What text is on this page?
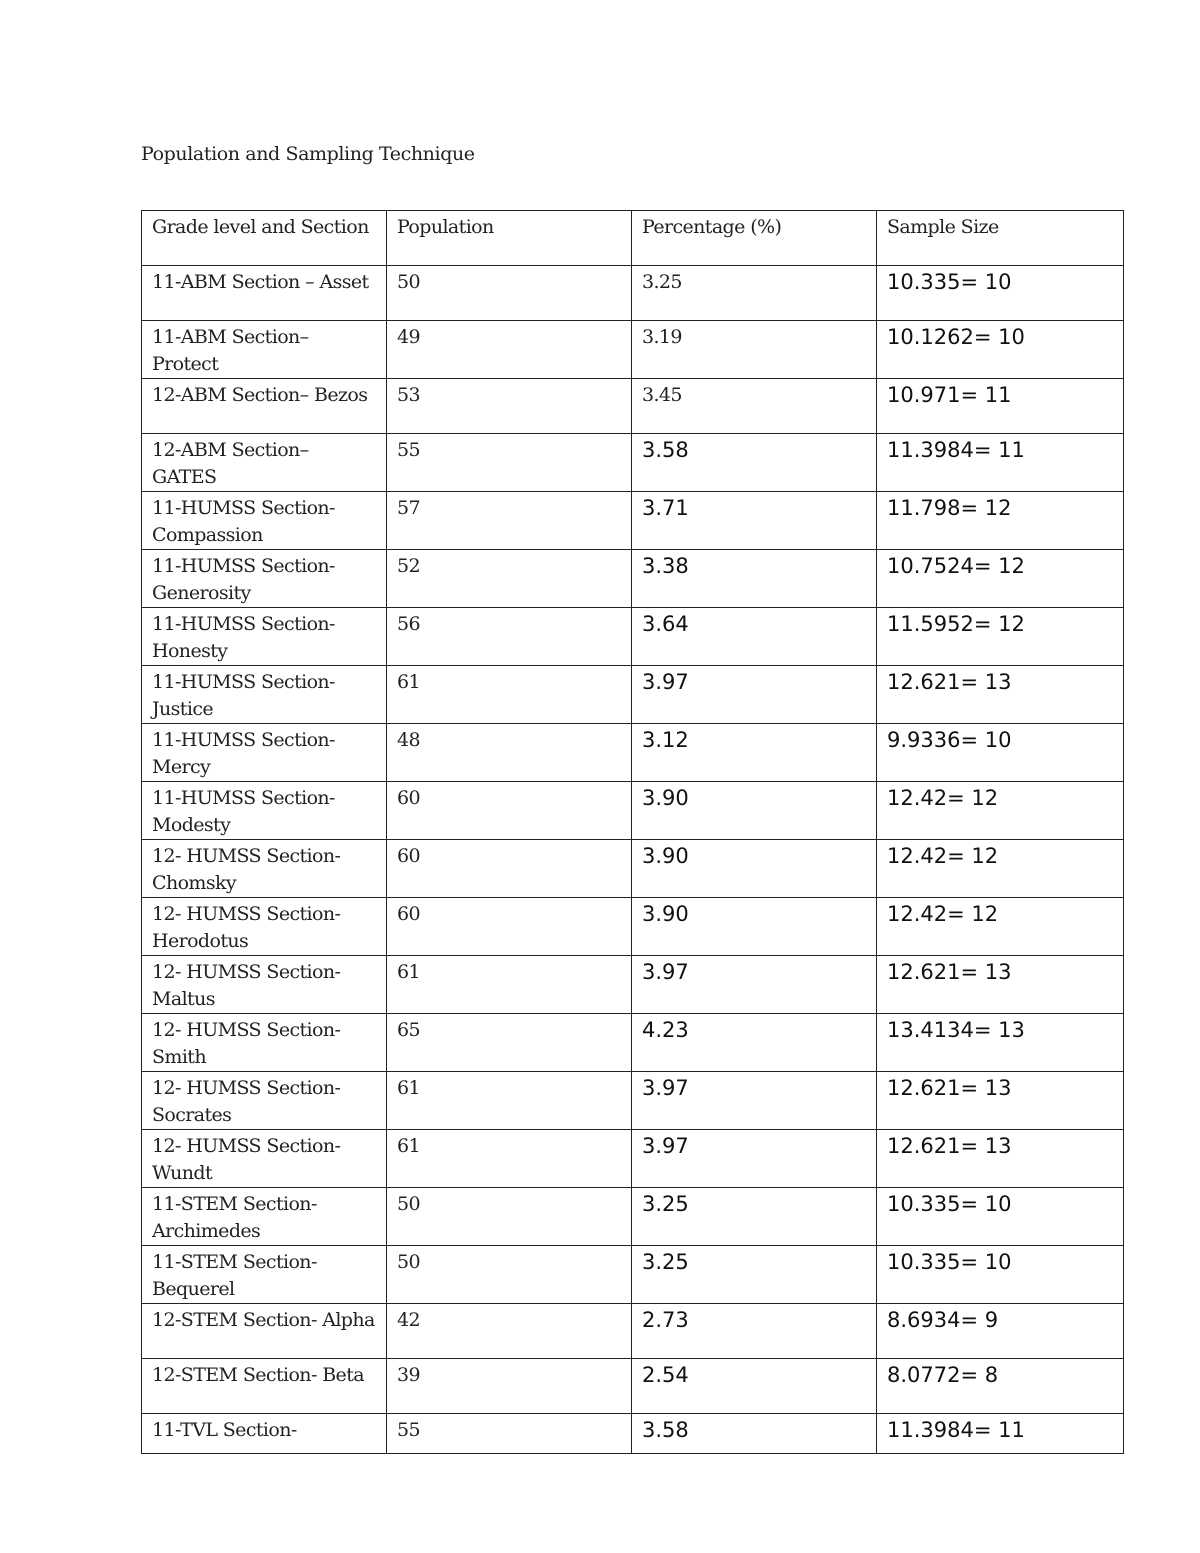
Population and Sampling Technique
Grade level and Section	Population	Percentage (%)	Sample Size
11-ABM Section – Asset	50	3.25	10.335= 10
11-ABM Section– Protect	49	3.19	10.1262= 10
12-ABM Section– Bezos	53	3.45	10.971= 11
12-ABM Section– GATES	55	3.58	11.3984= 11
11-HUMSS Section- Compassion	57	3.71	11.798= 12
11-HUMSS Section- Generosity	52	3.38	10.7524= 12
11-HUMSS Section- Honesty	56	3.64	11.5952= 12
11-HUMSS Section- Justice	61	3.97	12.621= 13
11-HUMSS Section- Mercy	48	3.12	9.9336= 10
11-HUMSS Section- Modesty	60	3.90	12.42= 12
12- HUMSS Section- Chomsky	60	3.90	12.42= 12
12- HUMSS Section- Herodotus	60	3.90	12.42= 12
12- HUMSS Section- Maltus	61	3.97	12.621= 13
12- HUMSS Section- Smith	65	4.23	13.4134= 13
12- HUMSS Section- Socrates	61	3.97	12.621= 13
12- HUMSS Section- Wundt	61	3.97	12.621= 13
11-STEM Section- Archimedes	50	3.25	10.335= 10
11-STEM Section- Bequerel	50	3.25	10.335= 10
12-STEM Section- Alpha	42	2.73	8.6934= 9
12-STEM Section- Beta	39	2.54	8.0772= 8
11-TVL Section-	55	3.58	11.3984= 11
